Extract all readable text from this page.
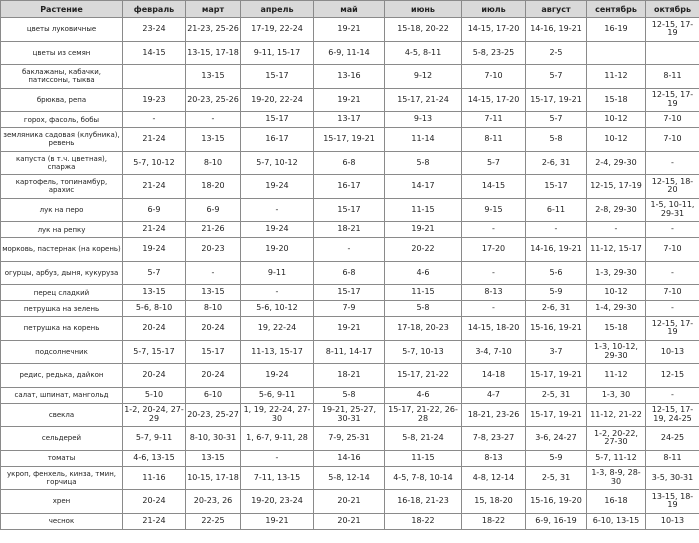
Растение	февраль	март	апрель	май	июнь	июль	август	сентябрь	октябрь
цветы луковичные	23-24	21-23, 25-26	17-19, 22-24	19-21	15-18, 20-22	14-15, 17-20	14-16, 19-21	16-19	12-15, 17-19
цветы из семян	14-15	13-15, 17-18	9-11, 15-17	6-9, 11-14	4-5, 8-11	5-8, 23-25	2-5		
баклажаны, кабачки, патиссоны, тыква		13-15	15-17	13-16	9-12	7-10	5-7	11-12	8-11
брюква, репа	19-23	20-23, 25-26	19-20, 22-24	19-21	15-17, 21-24	14-15, 17-20	15-17, 19-21	15-18	12-15, 17-19
горох, фасоль, бобы	-	-	15-17	13-17	9-13	7-11	5-7	10-12	7-10
земляника садовая (клубника), ревень	21-24	13-15	16-17	15-17, 19-21	11-14	8-11	5-8	10-12	7-10
капуста (в т.ч. цветная), спаржа	5-7, 10-12	8-10	5-7, 10-12	6-8	5-8	5-7	2-6, 31	2-4, 29-30	-
картофель, топинамбур, арахис	21-24	18-20	19-24	16-17	14-17	14-15	15-17	12-15, 17-19	12-15, 18-20
лук на перо	6-9	6-9	-	15-17	11-15	9-15	6-11	2-8, 29-30	1-5, 10-11, 29-31
лук на репку	21-24	21-26	19-24	18-21	19-21	-	-	-	-
морковь, пастернак (на корень)	19-24	20-23	19-20	-	20-22	17-20	14-16, 19-21	11-12, 15-17	7-10
огурцы, арбуз, дыня, кукуруза	5-7	-	9-11	6-8	4-6	-	5-6	1-3, 29-30	-
перец сладкий	13-15	13-15	-	15-17	11-15	8-13	5-9	10-12	7-10
петрушка на зелень	5-6, 8-10	8-10	5-6, 10-12	7-9	5-8	-	2-6, 31	1-4, 29-30	-
петрушка на корень	20-24	20-24	19, 22-24	19-21	17-18, 20-23	14-15, 18-20	15-16, 19-21	15-18	12-15, 17-19
подсолнечник	5-7, 15-17	15-17	11-13, 15-17	8-11, 14-17	5-7, 10-13	3-4, 7-10	3-7	1-3, 10-12, 29-30	10-13
редис, редька, дайкон	20-24	20-24	19-24	18-21	15-17, 21-22	14-18	15-17, 19-21	11-12	12-15
салат, шпинат, мангольд	5-10	6-10	5-6, 9-11	5-8	4-6	4-7	2-5, 31	1-3, 30	-
свекла	1-2, 20-24, 27-29	20-23, 25-27	1, 19, 22-24, 27-30	19-21, 25-27, 30-31	15-17, 21-22, 26-28	18-21, 23-26	15-17, 19-21	11-12, 21-22	12-15, 17-19, 24-25
сельдерей	5-7, 9-11	8-10, 30-31	1, 6-7, 9-11, 28	7-9, 25-31	5-8, 21-24	7-8, 23-27	3-6, 24-27	1-2, 20-22, 27-30	24-25
томаты	4-6, 13-15	13-15	-	14-16	11-15	8-13	5-9	5-7, 11-12	8-11
укроп, фенхель, кинза, тмин, горчица	11-16	10-15, 17-18	7-11, 13-15	5-8, 12-14	4-5, 7-8, 10-14	4-8, 12-14	2-5, 31	1-3, 8-9, 28-30	3-5, 30-31
хрен	20-24	20-23, 26	19-20, 23-24	20-21	16-18, 21-23	15, 18-20	15-16, 19-20	16-18	13-15, 18-19
чеснок	21-24	22-25	19-21	20-21	18-22	18-22	6-9, 16-19	6-10, 13-15	10-13
